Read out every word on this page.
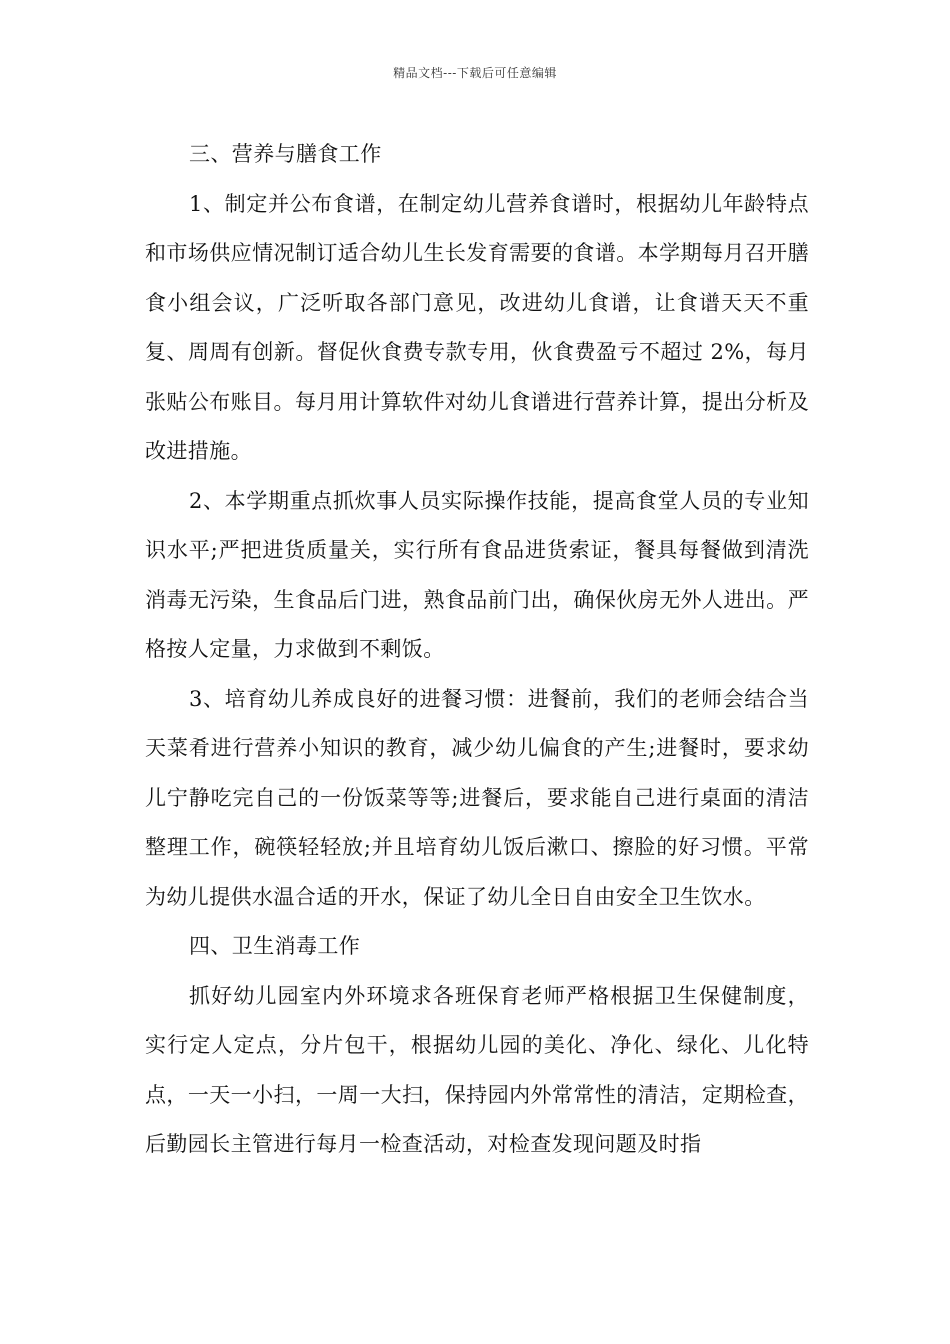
精品文档---下载后可任意编辑

三、营养与膳食工作

1、制定并公布食谱，在制定幼儿营养食谱时，根据幼儿年龄特点和市场供应情况制订适合幼儿生长发育需要的食谱。本学期每月召开膳食小组会议，广泛听取各部门意见，改进幼儿食谱，让食谱天天不重复、周周有创新。督促伙食费专款专用，伙食费盈亏不超过 2%，每月张贴公布账目。每月用计算软件对幼儿食谱进行营养计算，提出分析及改进措施。

2、本学期重点抓炊事人员实际操作技能，提高食堂人员的专业知识水平;严把进货质量关，实行所有食品进货索证，餐具每餐做到清洗消毒无污染，生食品后门进，熟食品前门出，确保伙房无外人进出。严格按人定量，力求做到不剩饭。

3、培育幼儿养成良好的进餐习惯：进餐前，我们的老师会结合当天菜肴进行营养小知识的教育，减少幼儿偏食的产生;进餐时，要求幼儿宁静吃完自己的一份饭菜等等;进餐后，要求能自己进行桌面的清洁整理工作，碗筷轻轻放;并且培育幼儿饭后漱口、擦脸的好习惯。平常为幼儿提供水温合适的开水，保证了幼儿全日自由安全卫生饮水。

四、卫生消毒工作

抓好幼儿园室内外环境求各班保育老师严格根据卫生保健制度，实行定人定点，分片包干，根据幼儿园的美化、净化、绿化、儿化特点，一天一小扫，一周一大扫，保持园内外常常性的清洁，定期检查，后勤园长主管进行每月一检查活动，对检查发现问题及时指
